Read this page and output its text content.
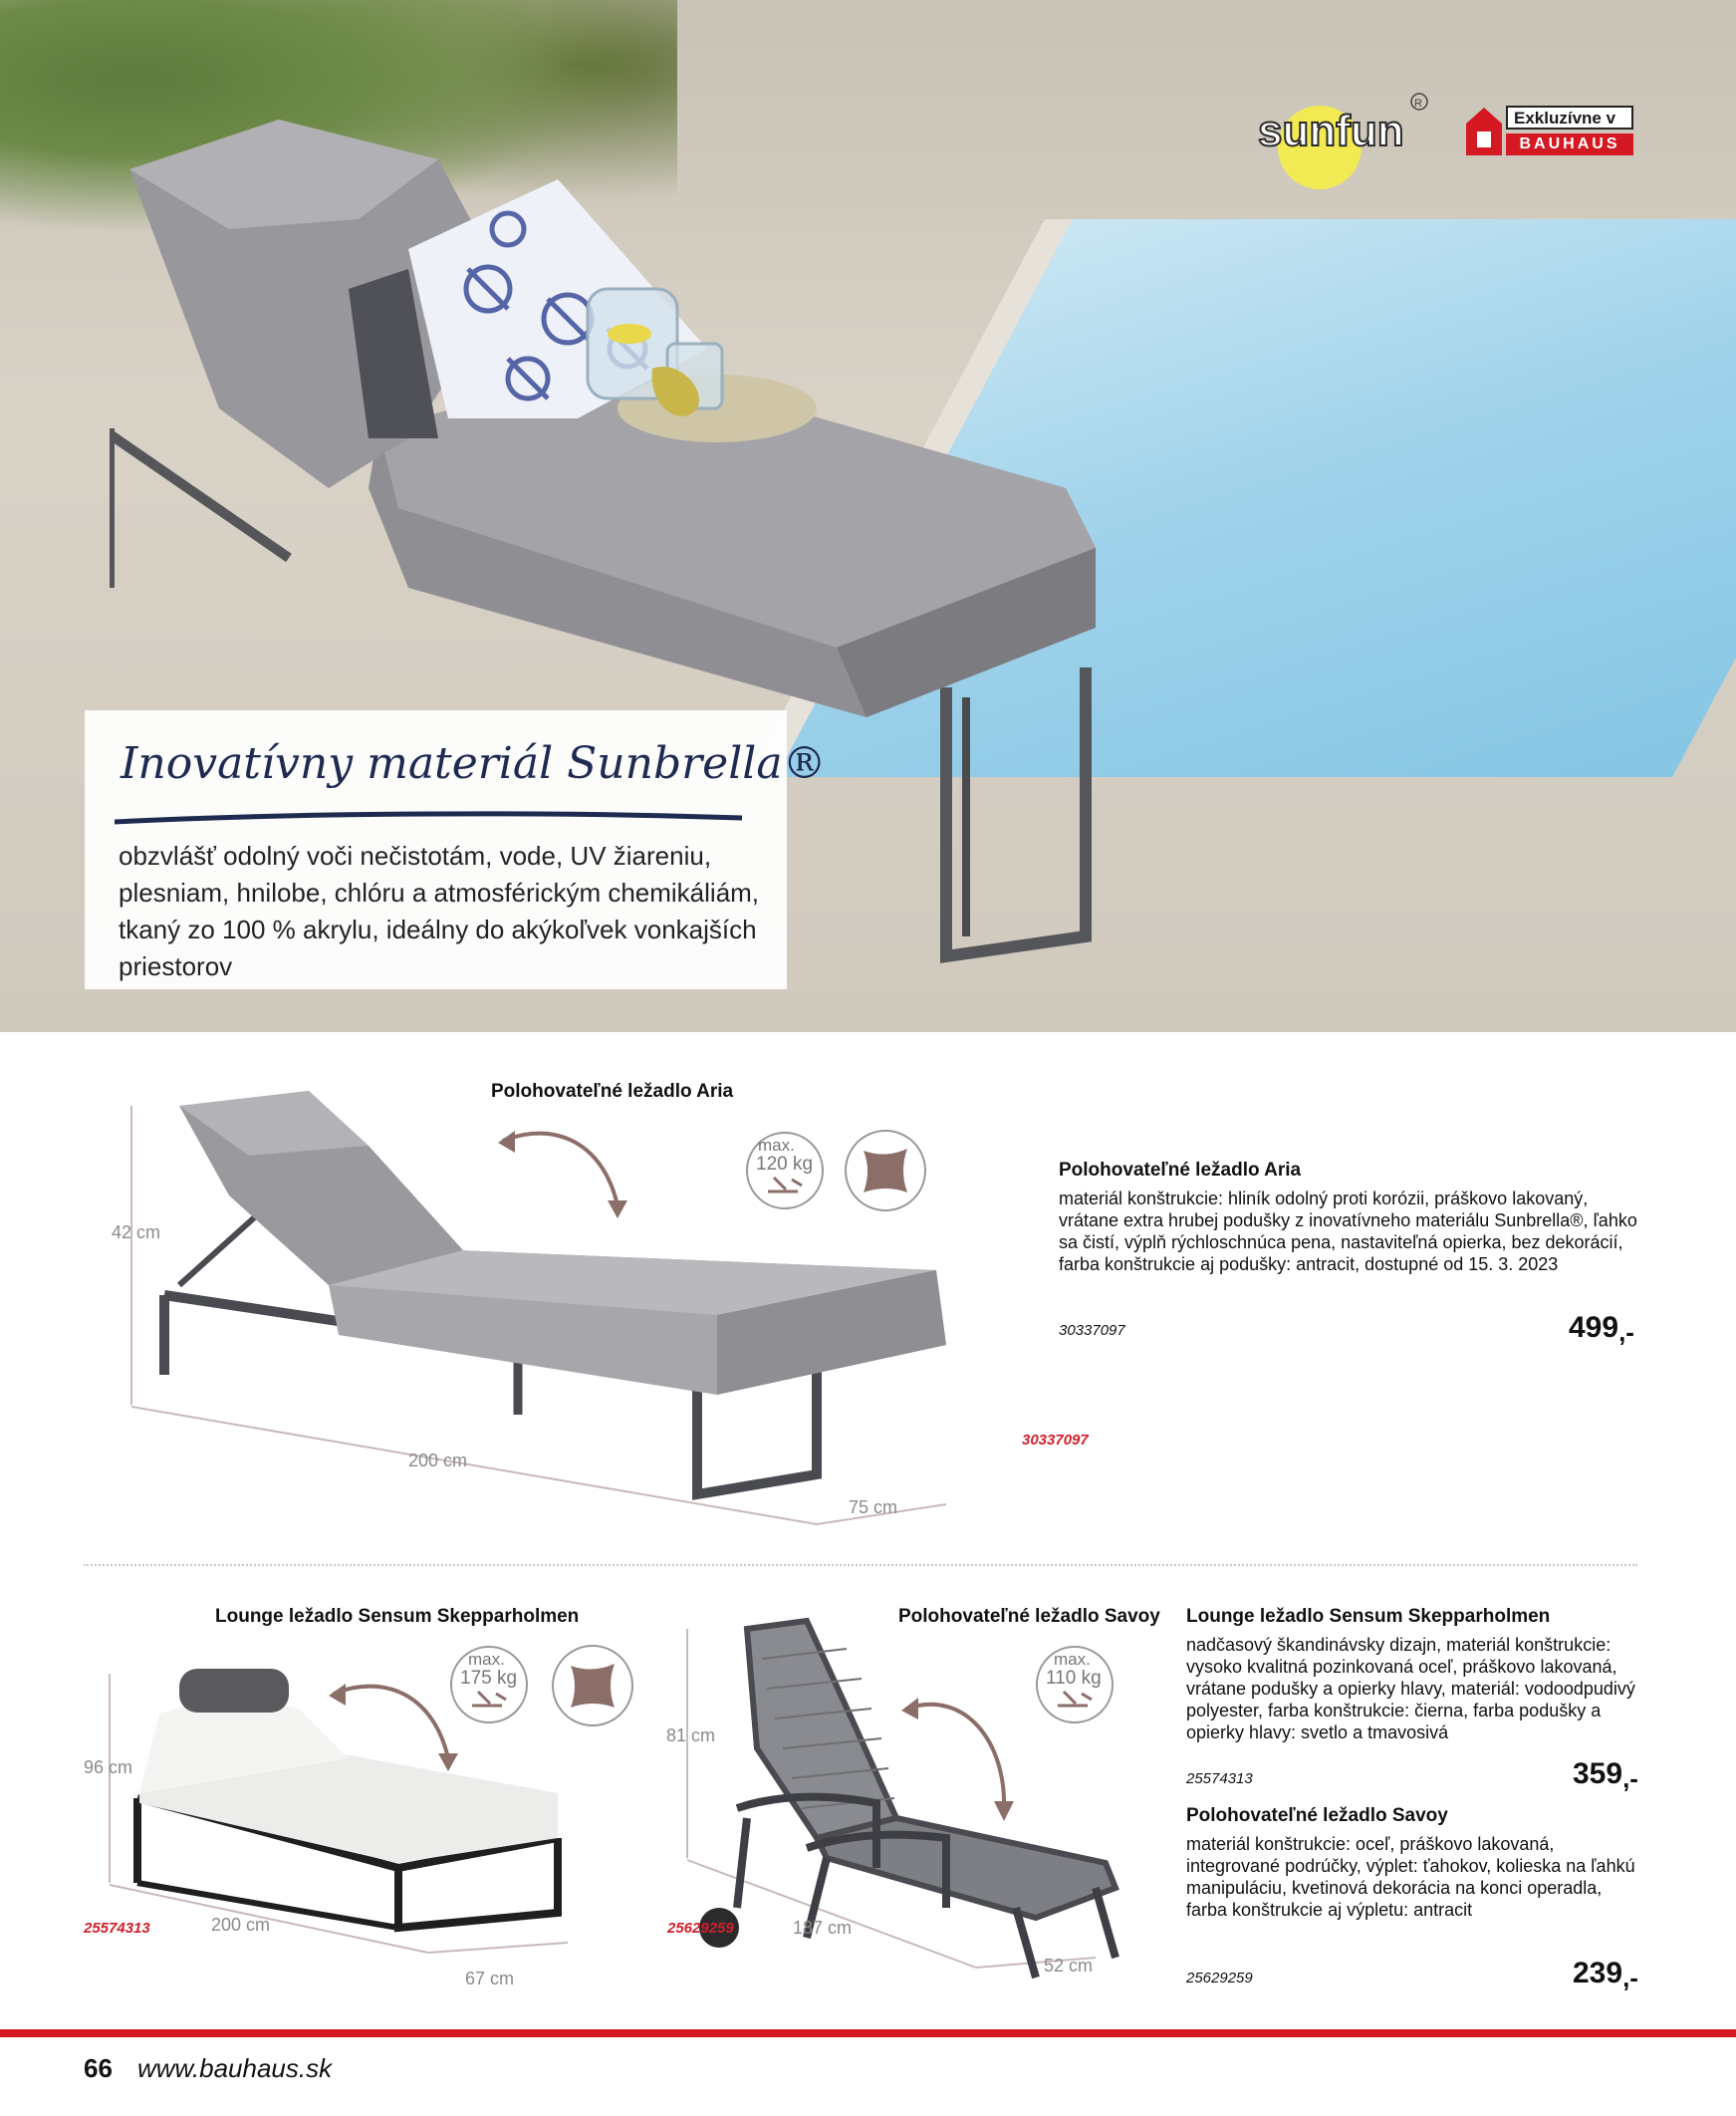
sunfun
R
Exkluzívne v
BAUHAUS
Inovatívny materiál Sunbrella®
obzvlášť odolný voči nečistotám, vode, UV žiareniu, plesniam, hnilobe, chlóru a atmosférickým chemikáliám, tkaný zo 100 % akrylu, ideálny do akýkoľvek vonkajších priestorov
Polohovateľné ležadlo Aria
42 cm
200 cm
75 cm
max.
120 kg
30337097
Polohovateľné ležadlo Aria
materiál konštrukcie: hliník odolný proti korózii, práškovo lakovaný, vrátane extra hrubej podušky z inovatívneho materiálu Sunbrella®, ľahko sa čistí, výplň rýchloschnúca pena, nastaviteľná opierka, bez dekorácií, farba konštrukcie aj podušky: antracit, dostupné od 15. 3. 2023
30337097	499,-
Lounge ležadlo Sensum Skepparholmen
96 cm
200 cm
67 cm
max.
175 kg
25574313
Polohovateľné ležadlo Savoy
81 cm
187 cm
52 cm
max.
110 kg
25629259
Lounge ležadlo Sensum Skepparholmen
nadčasový škandinávsky dizajn, materiál konštrukcie: vysoko kvalitná pozinkovaná oceľ, práškovo lakovaná, vrátane podušky a opierky hlavy, materiál: vodoodpudivý polyester, farba konštrukcie: čierna, farba podušky a opierky hlavy: svetlo a tmavosivá
25574313	359,-
Polohovateľné ležadlo Savoy
materiál konštrukcie: oceľ, práškovo lakovaná, integrované podrúčky, výplet: ťahokov, kolieska na ľahkú manipuláciu, kvetinová dekorácia na konci operadla, farba konštrukcie aj výpletu: antracit
25629259	239,-
66 www.bauhaus.sk
